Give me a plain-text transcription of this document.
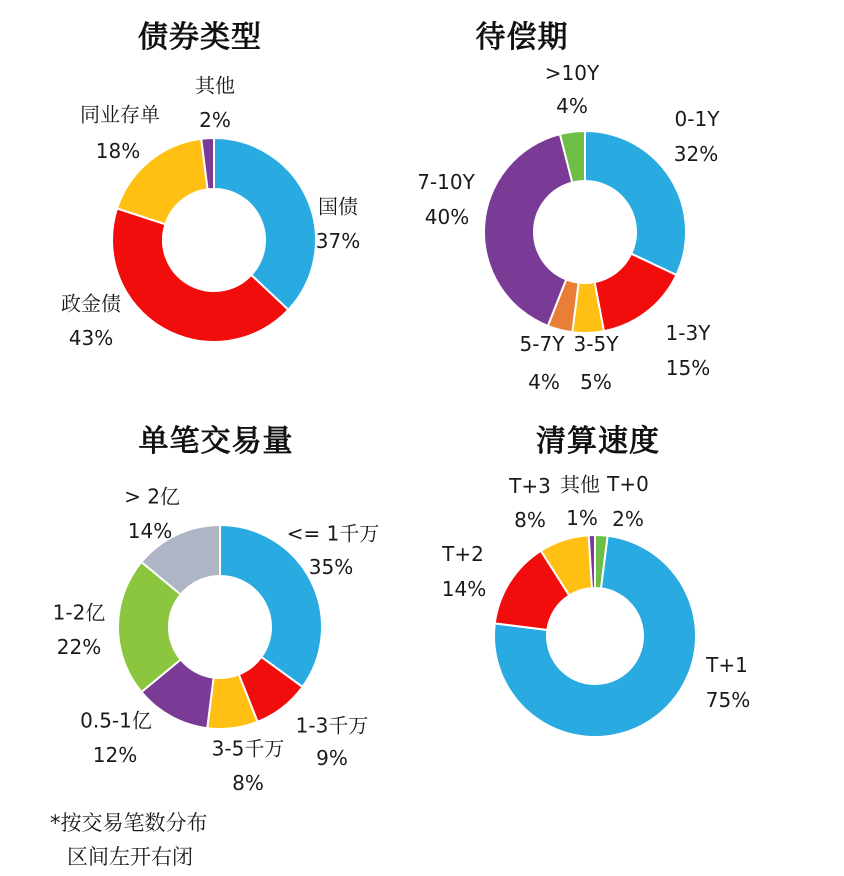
债券类型	待偿期
单笔交易量	清算速度
国债
37%
政金债
43%
同业存单
18%
其他
2%	0-1Y
32%
1-3Y
15%
3-5Y
5%
5-7Y
4%
7-10Y
40%
>10Y
4%
<= 1千万
35%
1-3千万
9%
3-5千万
8%
0.5-1亿
12%
1-2亿
22%
> 2亿
14%
T+0
2%
T+1
75%
T+2
14%
T+3
8%
其他
1%
*按交易笔数分布
区间左开右闭
